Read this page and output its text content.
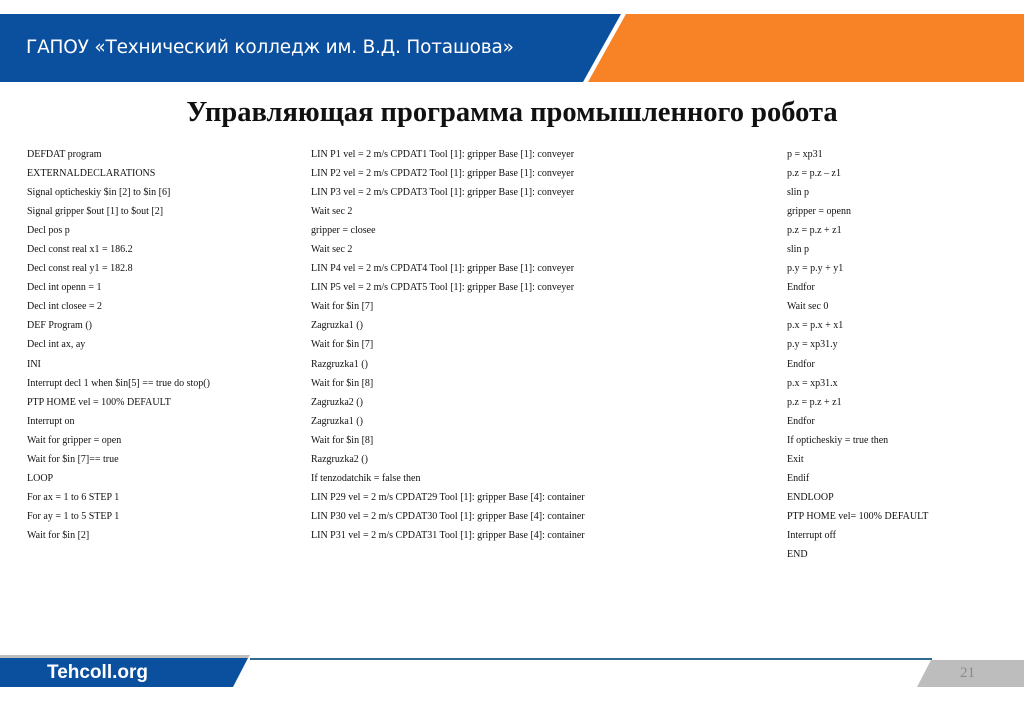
ГАПОУ «Технический колледж им. В.Д. Поташова»
Управляющая программа промышленного робота
DEFDAT program
EXTERNALDECLARATIONS
Signal opticheskiy $in [2] to $in [6]
Signal gripper $out [1] to $out [2]
Decl pos p
Decl const real x1 = 186.2
Decl const real y1 = 182.8
Decl int openn = 1
Decl int closee = 2
DEF Program ()
Decl int ax, ay
INI
Interrupt decl 1 when $in[5] == true do stop()
PTP HOME vel = 100% DEFAULT
Interrupt on
Wait for gripper = open
Wait for $in [7]== true
LOOP
For ax = 1 to 6 STEP 1
For ay = 1 to 5 STEP 1
Wait for $in [2]
LIN P1 vel = 2 m/s CPDAT1 Tool [1]: gripper Base [1]: conveyer
LIN P2 vel = 2 m/s CPDAT2 Tool [1]: gripper Base [1]: conveyer
LIN P3 vel = 2 m/s CPDAT3 Tool [1]: gripper Base [1]: conveyer
Wait sec 2
gripper = closee
Wait sec 2
LIN P4 vel = 2 m/s CPDAT4 Tool [1]: gripper Base [1]: conveyer
LIN P5 vel = 2 m/s CPDAT5 Tool [1]: gripper Base [1]: conveyer
Wait for $in [7]
Zagruzka1 ()
Wait for $in [7]
Razgruzka1 ()
Wait for $in [8]
Zagruzka2 ()
Zagruzka1 ()
Wait for $in [8]
Razgruzka2 ()
If tenzodatchik = false then
LIN P29 vel = 2 m/s CPDAT29 Tool [1]: gripper Base [4]: container
LIN P30 vel = 2 m/s CPDAT30 Tool [1]: gripper Base [4]: container
LIN P31 vel = 2 m/s CPDAT31 Tool [1]: gripper Base [4]: container
p = xp31
p.z = p.z – z1
slin p
gripper = openn
p.z = p.z + z1
slin p
p.y = p.y + y1
Endfor
Wait sec 0
p.x = p.x + x1
p.y = xp31.y
Endfor
p.x = xp31.x
p.z = p.z + z1
Endfor
If opticheskiy = true then
Exit
Endif
ENDLOOP
PTP HOME vel= 100% DEFAULT
Interrupt off
END
Tehcoll.org	21
